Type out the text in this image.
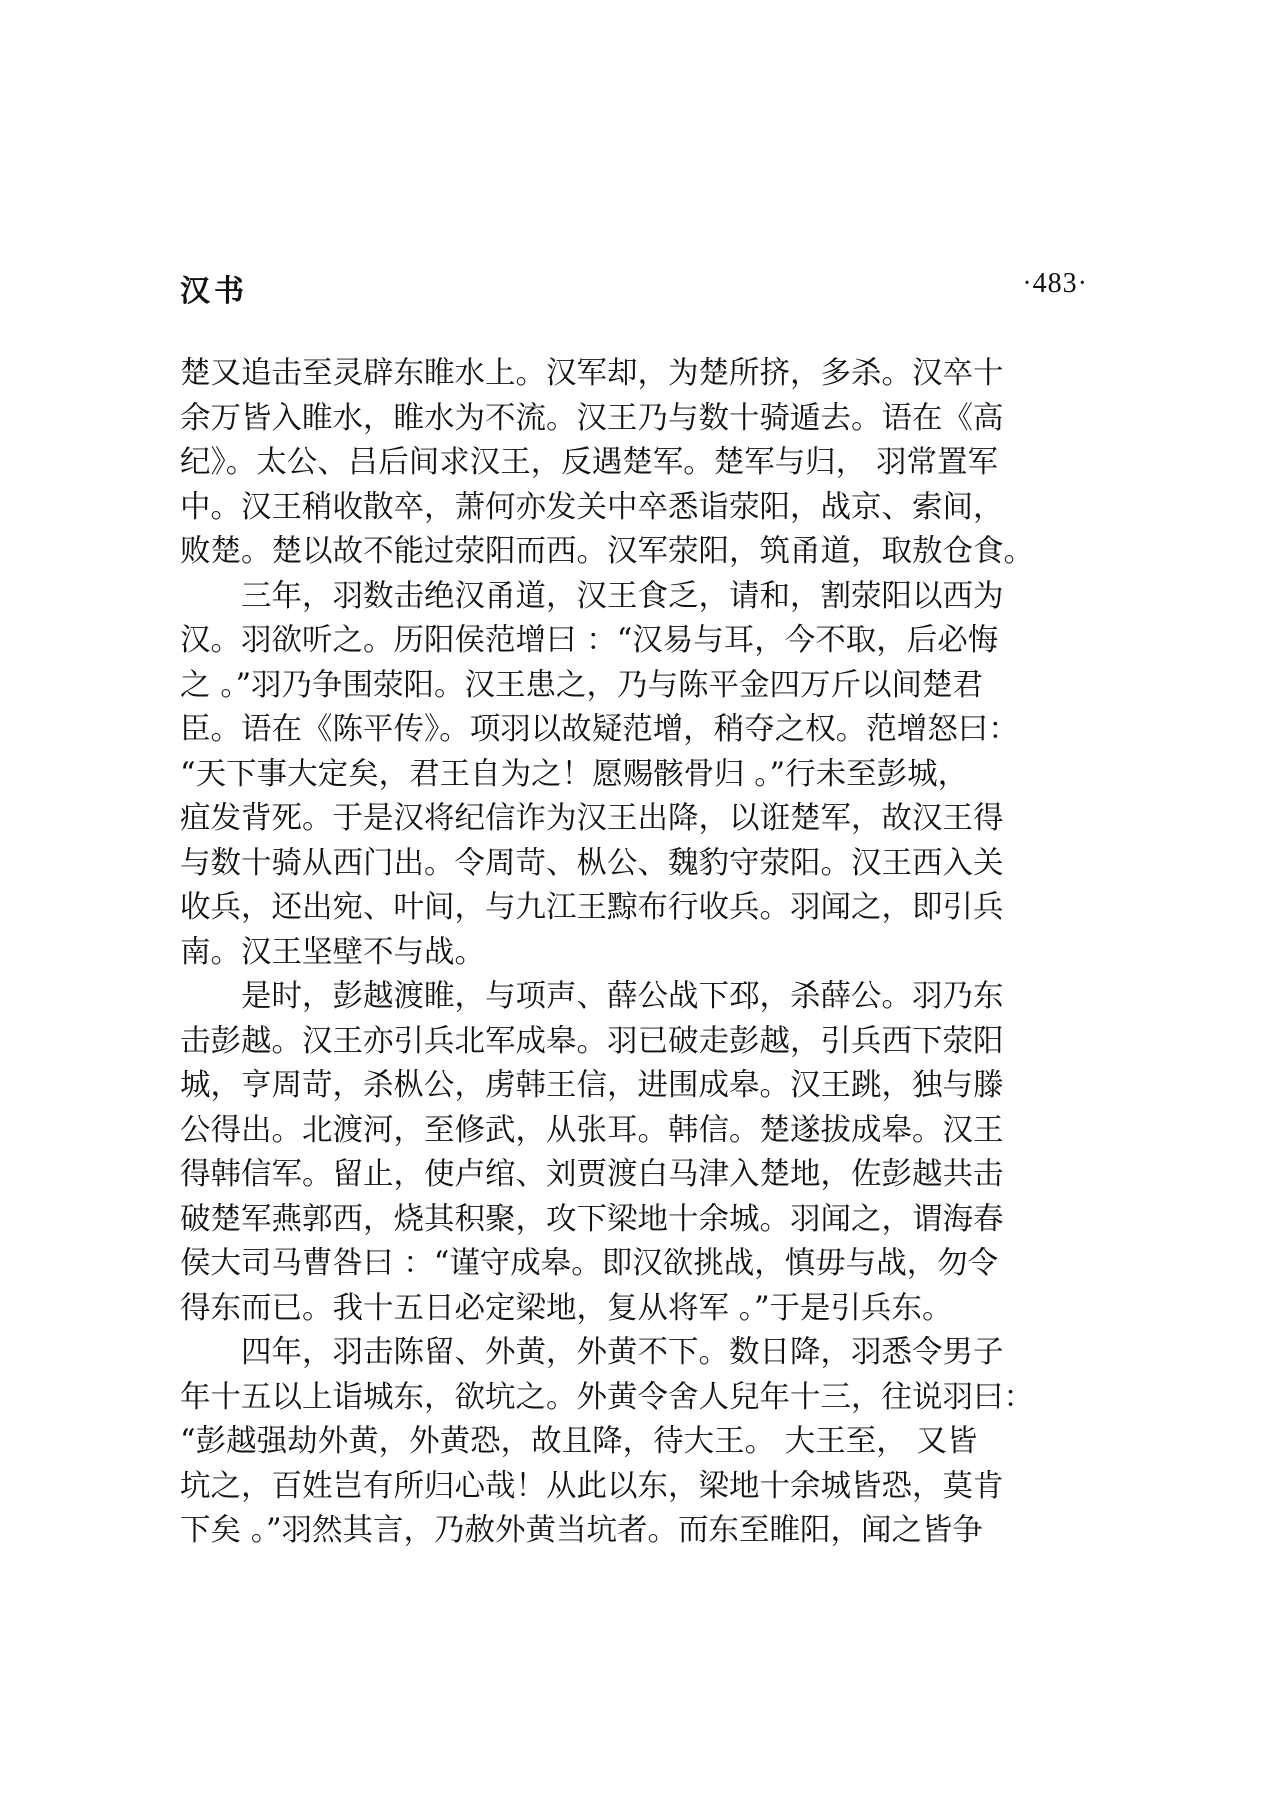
汉书	·483·
楚又追击至灵辟东睢水上。汉军却，为楚所挤，多杀。汉卒十
余万皆入睢水，睢水为不流。汉王乃与数十骑遁去。语在《高
纪》。太公、吕后间求汉王，反遇楚军。楚军与归， 羽常置军
中。汉王稍收散卒，萧何亦发关中卒悉诣荥阳，战京、索间，
败楚。楚以故不能过荥阳而西。汉军荥阳，筑甬道，取敖仓食。
三年，羽数击绝汉甬道，汉王食乏，请和，割荥阳以西为
汉。羽欲听之。历阳侯范增曰 ：“汉易与耳，今不取，后必悔
之 。”羽乃争围荥阳。汉王患之，乃与陈平金四万斤以间楚君
臣。语在《陈平传》。项羽以故疑范增，稍夺之权。范增怒曰：
“天下事大定矣，君王自为之！愿赐骸骨归 。”行未至彭城，
疽发背死。于是汉将纪信诈为汉王出降，以诳楚军，故汉王得
与数十骑从西门出。令周苛、枞公、魏豹守荥阳。汉王西入关
收兵，还出宛、叶间，与九江王黥布行收兵。羽闻之，即引兵
南。汉王坚壁不与战。
是时，彭越渡睢，与项声、薛公战下邳，杀薛公。羽乃东
击彭越。汉王亦引兵北军成皋。羽已破走彭越，引兵西下荥阳
城，亨周苛，杀枞公，虏韩王信，进围成皋。汉王跳，独与滕
公得出。北渡河，至修武，从张耳。韩信。楚遂拔成皋。汉王
得韩信军。留止，使卢绾、刘贾渡白马津入楚地，佐彭越共击
破楚军燕郭西，烧其积聚，攻下梁地十余城。羽闻之，谓海春
侯大司马曹咎曰 ：“谨守成皋。即汉欲挑战，慎毋与战，勿令
得东而已。我十五日必定梁地，复从将军 。”于是引兵东。
四年，羽击陈留、外黄，外黄不下。数日降，羽悉令男子
年十五以上诣城东，欲坑之。外黄令舍人兒年十三，往说羽曰：
“彭越强劫外黄，外黄恐，故且降，待大王。 大王至， 又皆
坑之，百姓岂有所归心哉！从此以东，梁地十余城皆恐，莫肯
下矣 。”羽然其言，乃赦外黄当坑者。而东至睢阳，闻之皆争
